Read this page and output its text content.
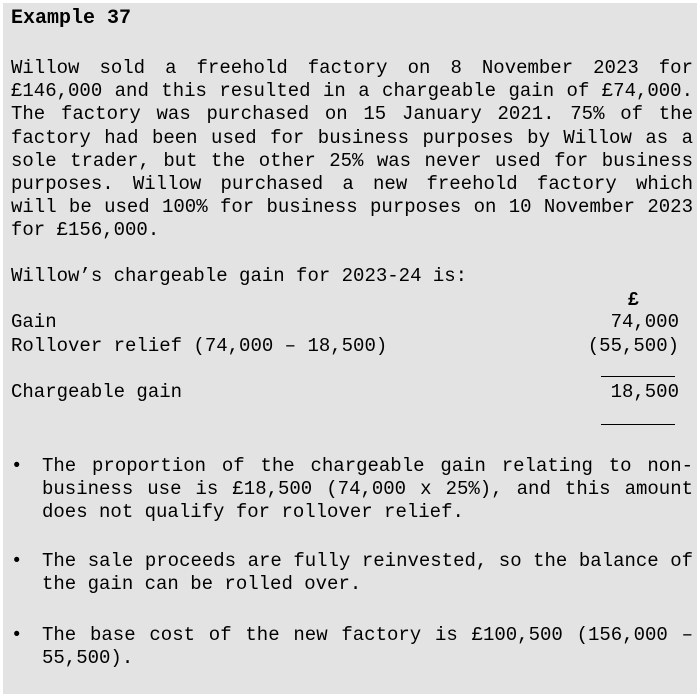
Example 37

Willow sold a freehold factory on 8 November 2023 for £146,000 and this resulted in a chargeable gain of £74,000. The factory was purchased on 15 January 2021. 75% of the factory had been used for business purposes by Willow as a sole trader, but the other 25% was never used for business purposes. Willow purchased a new freehold factory which will be used 100% for business purposes on 10 November 2023 for £156,000.

Willow’s chargeable gain for 2023-24 is:
£
Gain	74,000
Rollover relief (74,000 – 18,500)	(55,500)
Chargeable gain	18,500
• The proportion of the chargeable gain relating to non-business use is £18,500 (74,000 x 25%), and this amount does not qualify for rollover relief.

• The sale proceeds are fully reinvested, so the balance of the gain can be rolled over.

• The base cost of the new factory is £100,500 (156,000 – 55,500).
